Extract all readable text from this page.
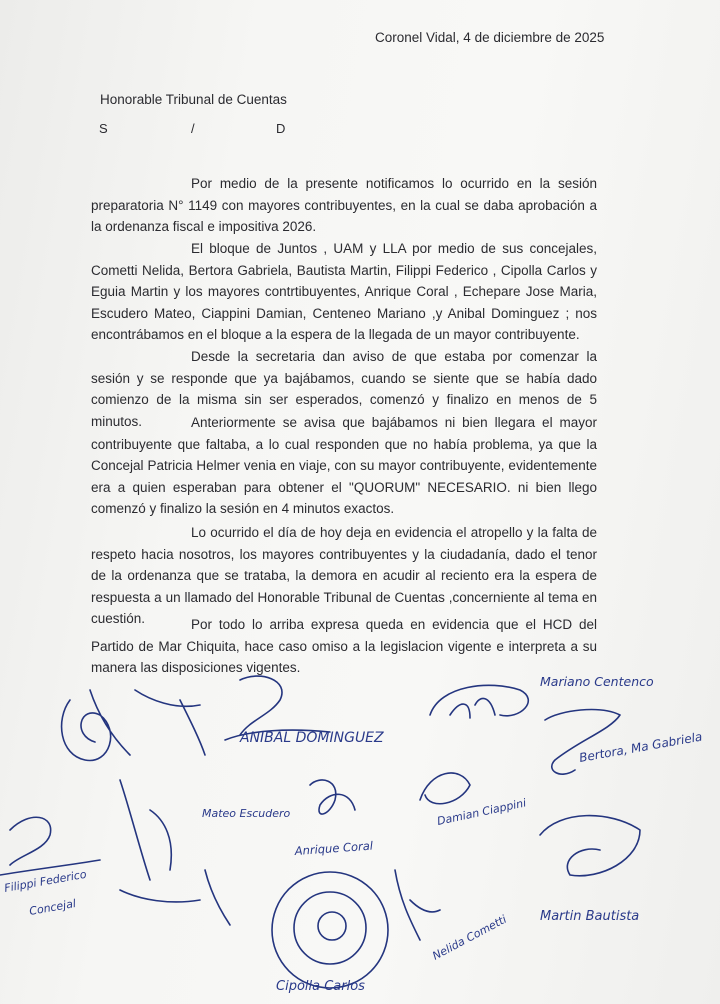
Coronel Vidal, 4 de diciembre de 2025
Honorable Tribunal de Cuentas
S	/	D
Por medio de la presente notificamos lo ocurrido en la sesión preparatoria N° 1149 con mayores contribuyentes, en la cual se daba aprobación a la ordenanza fiscal e impositiva 2026.
El bloque de Juntos , UAM y LLA por medio de sus concejales, Cometti Nelida, Bertora Gabriela, Bautista Martin, Filippi Federico , Cipolla Carlos y Eguia Martin y los mayores contrtibuyentes, Anrique Coral , Echepare Jose Maria, Escudero Mateo, Ciappini Damian, Centeneo Mariano ,y Anibal Dominguez ; nos encontrábamos en el bloque a la espera de la llegada de un mayor contribuyente.
Desde la secretaria dan aviso de que estaba por comenzar la sesión y se responde que ya bajábamos, cuando se siente que se había dado comienzo de la misma sin ser esperados, comenzó y finalizo en menos de 5 minutos.	Anteriormente se avisa que bajábamos ni bien llegara el mayor contribuyente que faltaba, a lo cual responden que no había problema, ya que la Concejal Patricia Helmer venia en viaje, con su mayor contribuyente, evidentemente era a quien esperaban para obtener el "QUORUM" NECESARIO. ni bien llego comenzó y finalizo la sesión en 4 minutos exactos.
Lo ocurrido el día de hoy deja en evidencia el atropello y la falta de respeto hacia nosotros, los mayores contribuyentes y la ciudadanía, dado el tenor de la ordenanza que se trataba, la demora en acudir al reciento era la espera de respuesta a un llamado del Honorable Tribunal de Cuentas ,concerniente al tema en cuestión.	Por todo lo arriba expresa queda en evidencia que el HCD del Partido de Mar Chiquita, hace caso omiso a la legislacion vigente e interpreta a su manera las disposiciones vigentes.
ANIBAL DOMINGUEZ
Mariano Centenco
Bertora, Ma Gabriela
Mateo Escudero	Damian Ciappini
Anrique Coral
Filippi Federico
Concejal
Cipolla Carlos
Nelida Cometti Martin Bautista
